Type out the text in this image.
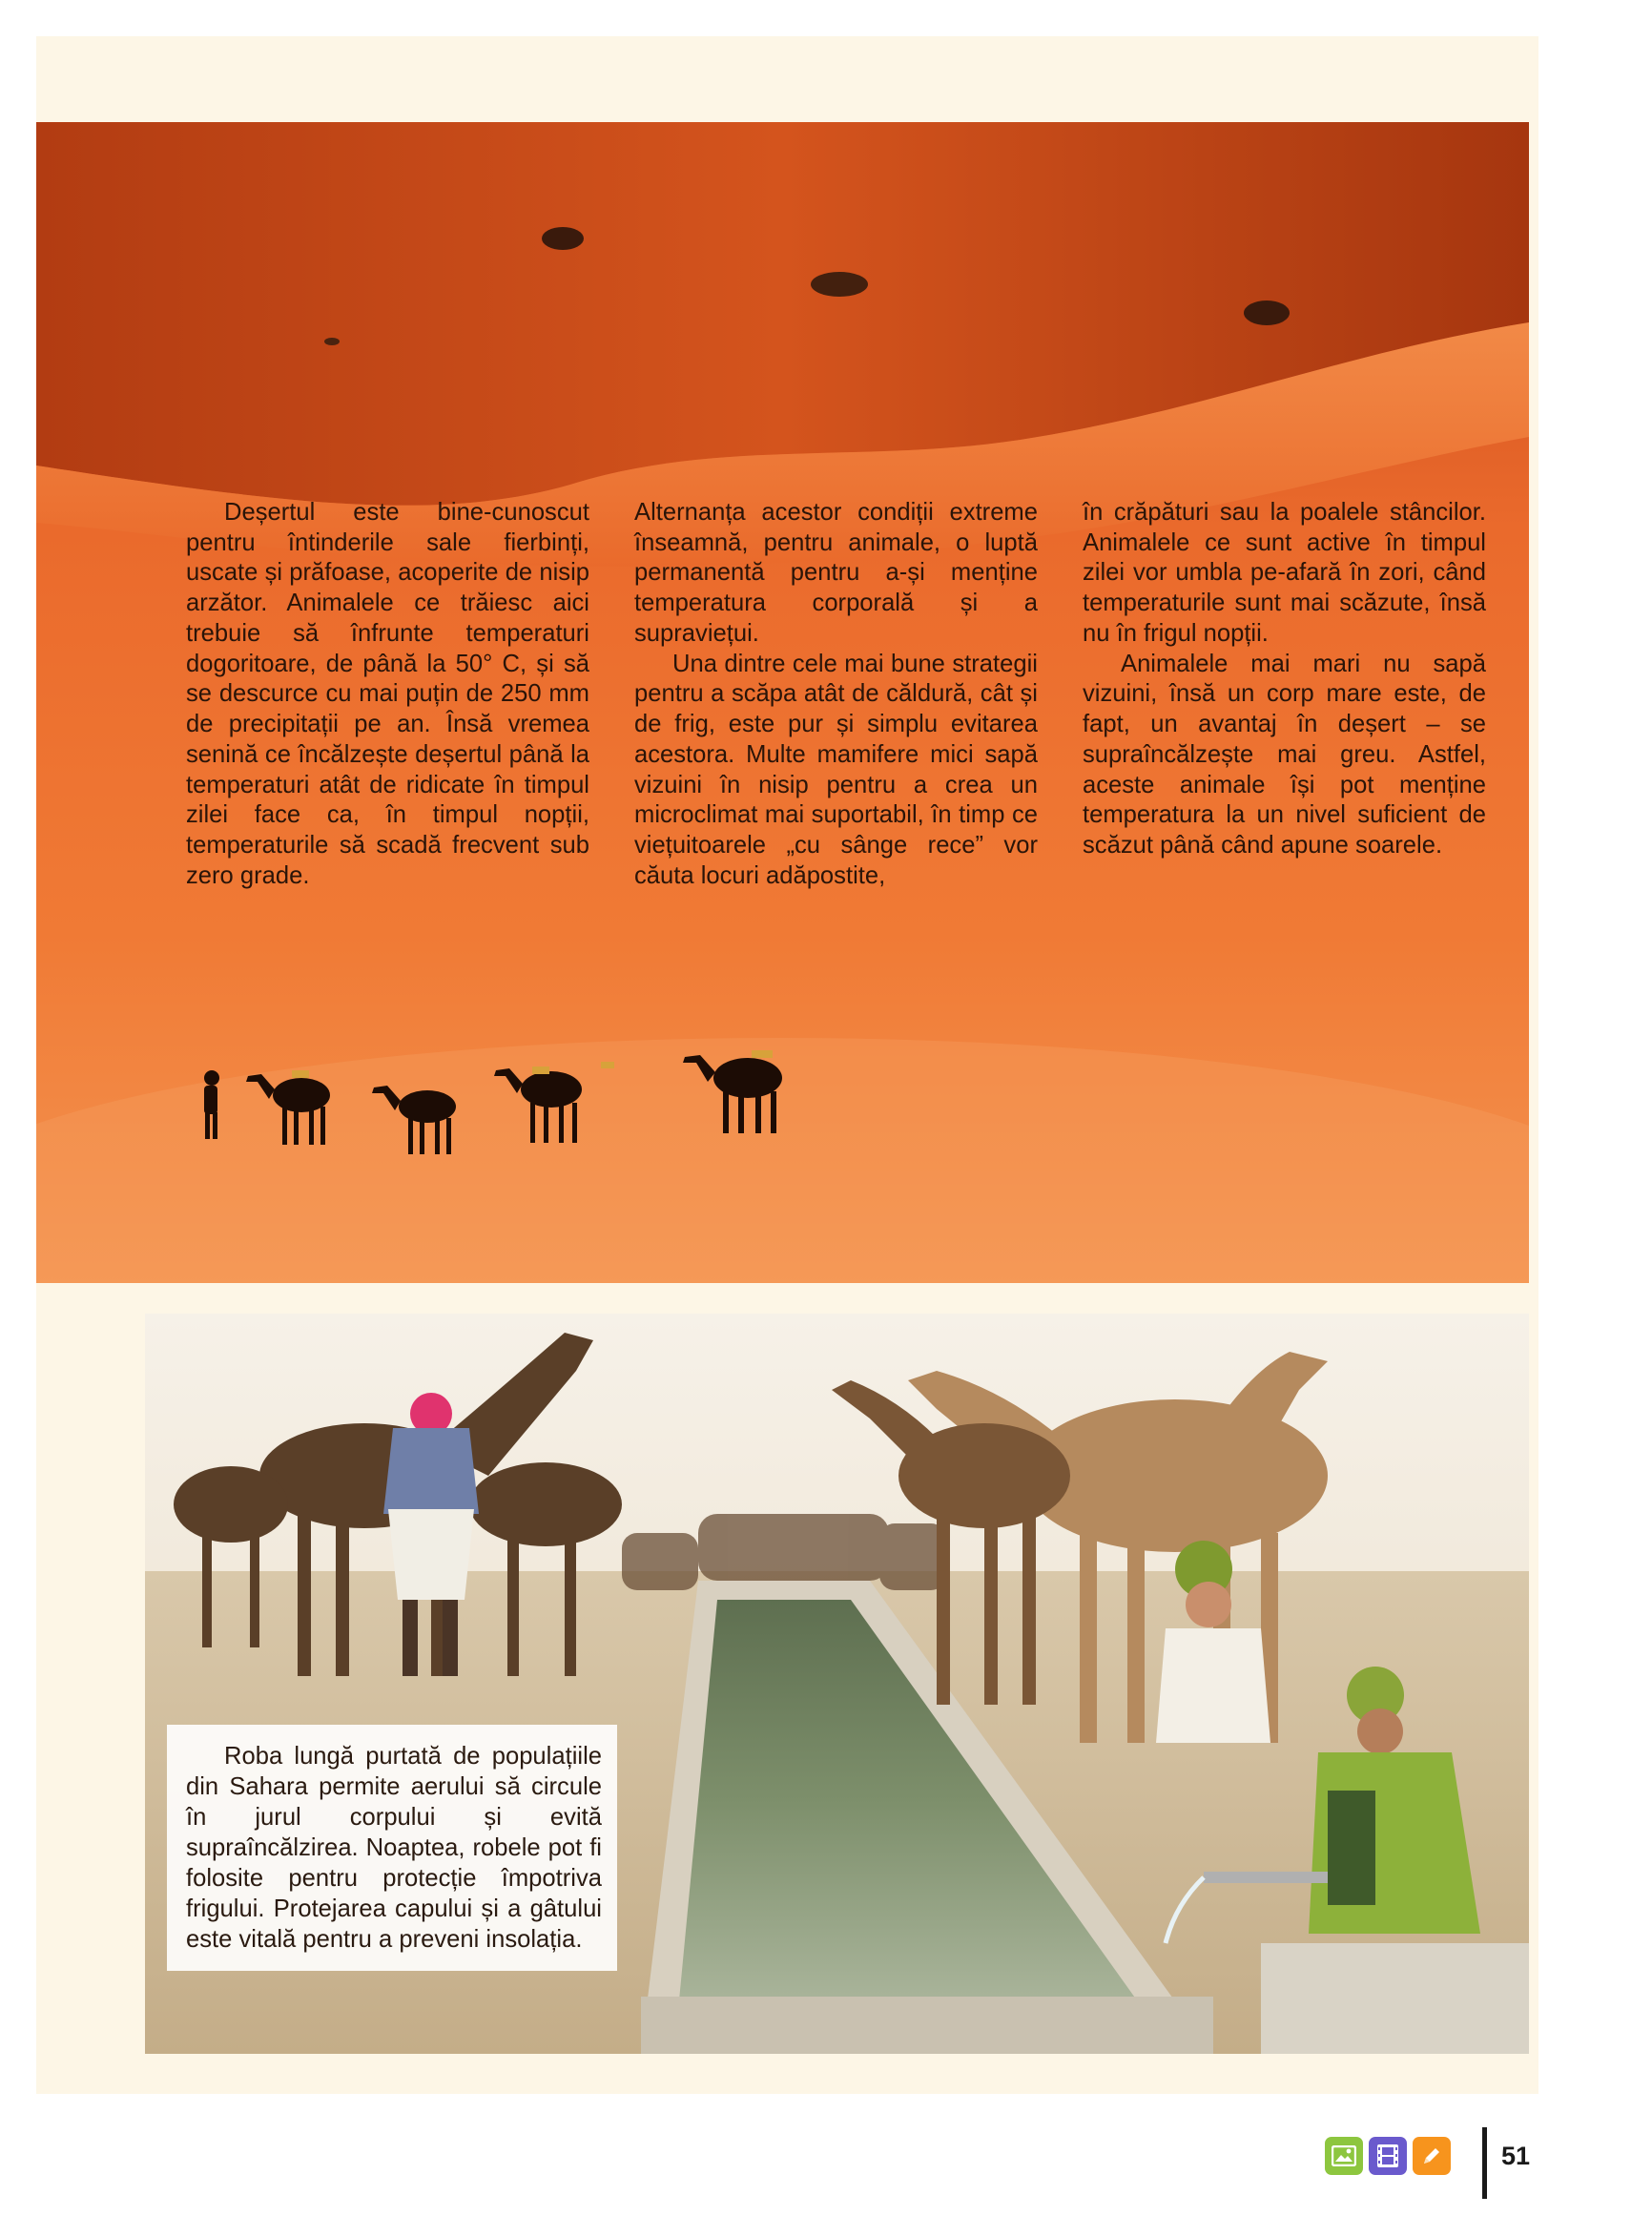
Deșertul este bine-cunoscut pentru întinderile sale fierbinți, uscate și prăfoase, acoperite de nisip arzător. Animalele ce trăiesc aici trebuie să înfrunte temperaturi dogoritoare, de până la 50° C, și să se descurce cu mai puțin de 250 mm de precipitații pe an. Însă vremea senină ce încălzește deșertul până la temperaturi atât de ridicate în timpul zilei face ca, în timpul nopții, temperaturile să scadă frecvent sub zero grade.

Alternanța acestor condiții extreme înseamnă, pentru animale, o luptă permanentă pentru a-și menține temperatura corporală și a supraviețui.

Una dintre cele mai bune strategii pentru a scăpa atât de căldură, cât și de frig, este pur și simplu evitarea acestora. Multe mamifere mici sapă vizuini în nisip pentru a crea un microclimat mai suportabil, în timp ce viețuitoarele „cu sânge rece” vor căuta locuri adăpostite,

în crăpături sau la poalele stâncilor. Animalele ce sunt active în timpul zilei vor umbla pe-afară în zori, când temperaturile sunt mai scăzute, însă nu în frigul nopții.

Animalele mai mari nu sapă vizuini, însă un corp mare este, de fapt, un avantaj în deșert – se supraîncălzește mai greu. Astfel, aceste animale își pot menține temperatura la un nivel suficient de scăzut până când apune soarele.

Roba lungă purtată de populațiile din Sahara permite aerului să circule în jurul corpului și evită supraîncălzirea. Noaptea, robele pot fi folosite pentru protecție împotriva frigului. Protejarea capului și a gâtului este vitală pentru a preveni insolația.

51
